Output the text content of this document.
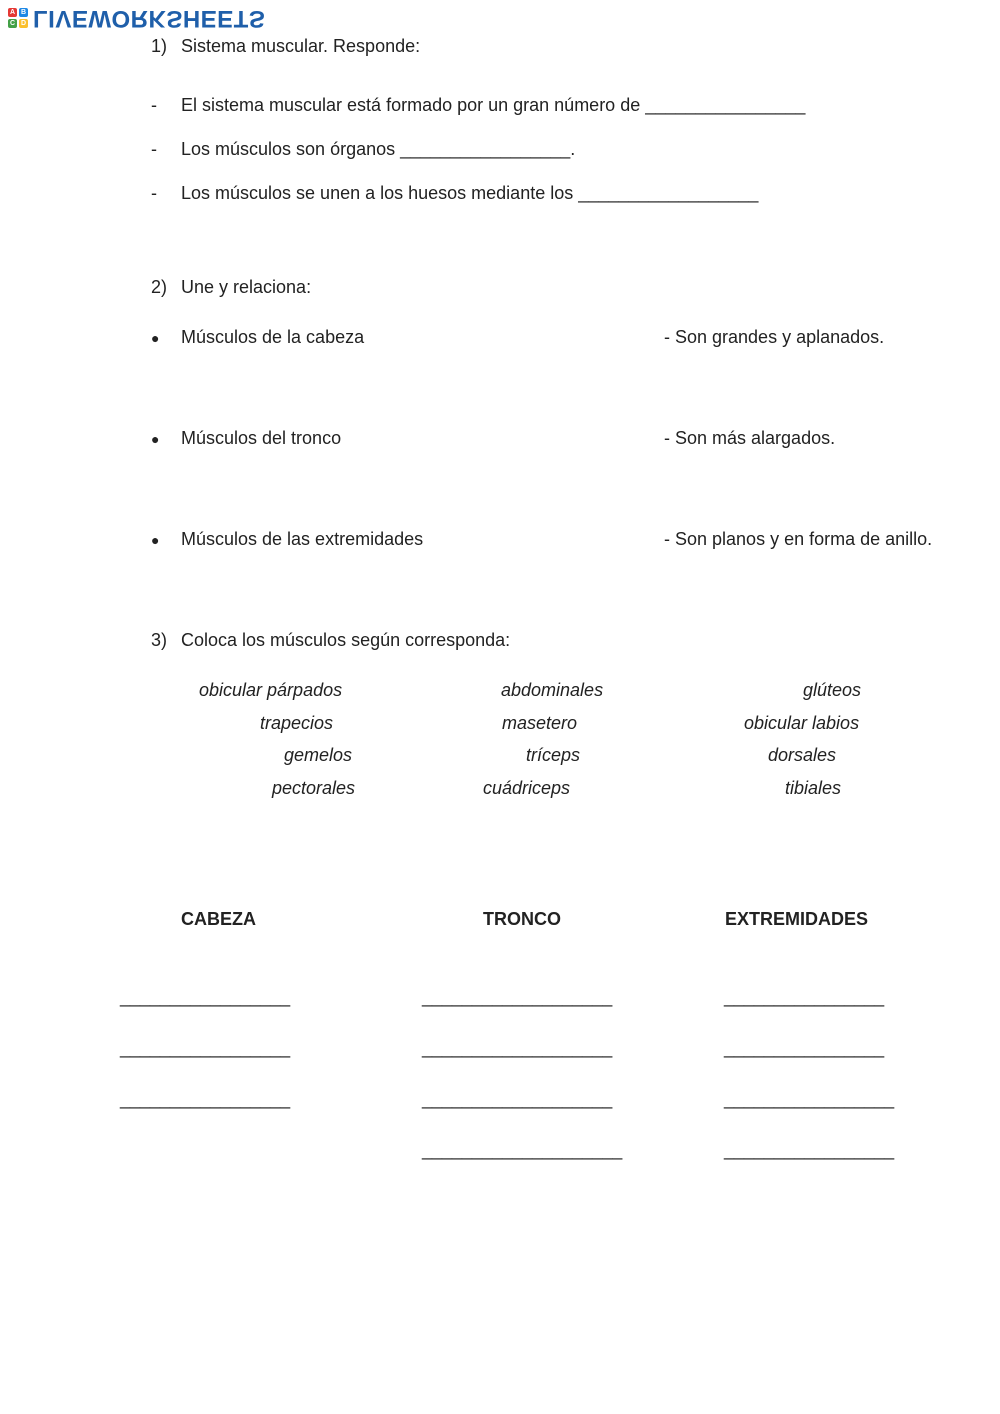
A B
C D LIVEWORKSHEETS
1) Sistema muscular. Responde:
-	El sistema muscular está formado por un gran número de ________________
-	Los músculos son órganos _________________.
-	Los músculos se unen a los huesos mediante los __________________
2) Une y relaciona:
● Músculos de la cabeza	- Son grandes y aplanados.
● Músculos del tronco	- Son más alargados.
● Músculos de las extremidades	- Son planos y en forma de anillo.
3) Coloca los músculos según corresponda:
obicular párpados	abdominales	glúteos
trapecios	masetero	obicular labios
gemelos	tríceps	dorsales
pectorales	cuádriceps	tibiales
CABEZA	TRONCO	EXTREMIDADES
_________________
_________________
_________________
___________________
___________________
___________________
____________________
________________
________________
_________________
_________________
